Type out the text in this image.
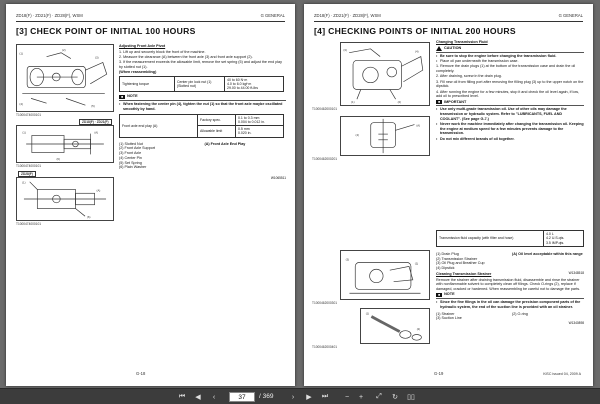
ZD18(F) · ZD21(F) · ZD28(F), WSM	G GENERAL
[3] CHECK POINT OF INITIAL 100 HOURS
(1)
(2)
(3)
(4)	(5)
T1000474000101
ZD18(F) · ZD21(F)
(1)	(A)
(6)
T1000474000101
ZD28(F)
(1)
(A)
(6)
T1000474000101
Adjusting Front Axle Pivot

1. Lift up and securely block the front of the machine.

2. Measure the clearance (A) between the front axle (3) and front axle support (2).

3. If the measurement exceeds the allowable limit, remove the set spring (5) and adjust the end play by slotted nut (1).

(When reassembling)

Tightening torque	Center pin lock nut (1) (Slotted nut)	40 to 60 N·m
4.0 to 6.0 kgf·m
29.00 to 44.00 ft-lbs
■	NOTE

• When fastening the center pin (4), tighten the nut (1) so that the front axle maybe oscillated smoothly by hand.

Front axle end play (A)	Factory spec.	0.1 to 0.3 mm
0.004 to 0.012 in.
	Allowable limit	0.5 mm
0.020 in.
(1) Slotted Nut	(A) Front Axle End Play
(2) Front Axle Support
(3) Front Axle
(4) Center Pin
(5) Set Spring
(6) Plain Washer
W1065511
G-18
ZD18(F) · ZD21(F) · ZD28(F), WSM	G GENERAL
[4] CHECKING POINTS OF INITIAL 200 HOURS
(3)	(4)
(1)	(2)
T1000462000101
(A)
(4)
T1000462000201
Changing Transmission Fluid
CAUTION

• Be sure to stop the engine before changing the transmission fluid.

• Place oil pan underneath the transmission case.

1. Remove the drain plugs (1) at the bottom of the transmission case and drain the oil completely.

2. After draining, screw in the drain plug.

3. Fill new oil from filling port after removing the filling plug (3) up to the upper notch on the dipstick.

4. After running the engine for a few minutes, stop it and check the oil level again, if low, add oil to prescribed level.

■	IMPORTANT

• Use only multi-grade transmission oil. Use of other oils may damage the transmission or hydraulic system. Refer to "LUBRICANTS, FUEL AND COOLANT". (See page G-7.)

• Never work the machine immediately after changing the transmission oil. Keeping the engine at medium speed for a few minutes prevents damage to the transmission.

• Do not mix different brands of oil together.

Transmission fluid capacity (with filter and hose)	4.0 L
4.2 U.S.qts.
3.5 IMP.qts.
(1) Drain Plug	(A) Oil level acceptable within this range
(2) Transmission Strainer
(3) Oil Plug and Breather Cup
(4) Dipstick
W1348518
(3)
(1)
T1000462000301
(1)
(2)
T1000462000401
Cleaning Transmission Strainer

Remove the strainer after draining transmission fluid, disassemble and rinse the strainer with nonflammable solvent to completely clean off filings. Check O-rings (2), replace if damaged, cracked or hardened. When reassembling be careful not to damage the parts.

■	NOTE

• Since the fine filings in the oil can damage the precision component parts of the hydraulic system, the end of the suction line is provided with an oil strainer.

(1) Strainer	(2) O-ring
(3) Suction Line
W1340898
G-19	KiSC issued 04, 2009 A
⏮	◀	‹	37	/ 369	›	▶	⏭	−	+	⤢	↻ ▯▯
